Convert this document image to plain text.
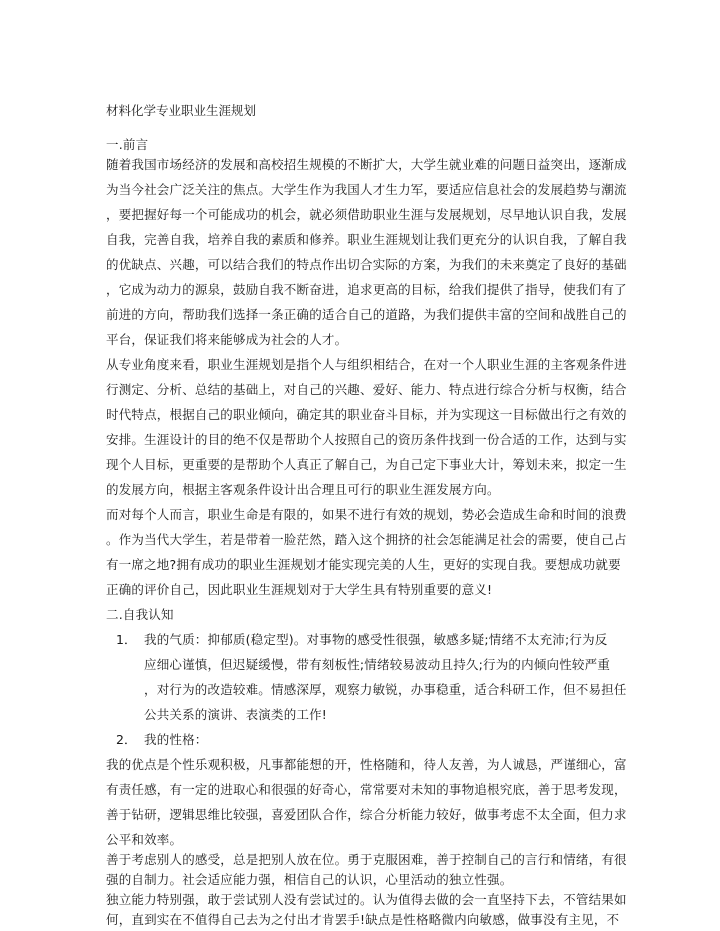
材料化学专业职业生涯规划
一.前言
随着我国市场经济的发展和高校招生规模的不断扩大，大学生就业难的问题日益突出，逐渐成
为当今社会广泛关注的焦点。大学生作为我国人才生力军，要适应信息社会的发展趋势与潮流
，要把握好每一个可能成功的机会，就必须借助职业生涯与发展规划，尽早地认识自我，发展
自我，完善自我，培养自我的素质和修养。职业生涯规划让我们更充分的认识自我，了解自我
的优缺点、兴趣，可以结合我们的特点作出切合实际的方案，为我们的未来奠定了良好的基础
，它成为动力的源泉，鼓励自我不断奋进，追求更高的目标，给我们提供了指导，使我们有了
前进的方向，帮助我们选择一条正确的适合自己的道路，为我们提供丰富的空间和战胜自己的
平台，保证我们将来能够成为社会的人才。
从专业角度来看，职业生涯规划是指个人与组织相结合，在对一个人职业生涯的主客观条件进
行测定、分析、总结的基础上，对自己的兴趣、爱好、能力、特点进行综合分析与权衡，结合
时代特点，根据自己的职业倾向，确定其的职业奋斗目标，并为实现这一目标做出行之有效的
安排。生涯设计的目的绝不仅是帮助个人按照自己的资历条件找到一份合适的工作，达到与实
现个人目标，更重要的是帮助个人真正了解自己，为自己定下事业大计，筹划未来，拟定一生
的发展方向，根据主客观条件设计出合理且可行的职业生涯发展方向。
而对每个人而言，职业生命是有限的，如果不进行有效的规划，势必会造成生命和时间的浪费
。作为当代大学生，若是带着一脸茫然，踏入这个拥挤的社会怎能满足社会的需要，使自己占
有一席之地?拥有成功的职业生涯规划才能实现完美的人生，更好的实现自我。要想成功就要
正确的评价自己，因此职业生涯规划对于大学生具有特别重要的意义!
二.自我认知
1． 我的气质：抑郁质(稳定型)。对事物的感受性很强，敏感多疑;情绪不太充沛;行为反
应细心谨慎，但迟疑缓慢，带有刻板性;情绪较易波动且持久;行为的内倾向性较严重
，对行为的改造较难。情感深厚，观察力敏锐，办事稳重，适合科研工作，但不易担任
公共关系的演讲、表演类的工作!
2． 我的性格：
我的优点是个性乐观积极，凡事都能想的开，性格随和，待人友善，为人诚恳，严谨细心，富
有责任感，有一定的进取心和很强的好奇心，常常要对未知的事物追根究底，善于思考发现，
善于钻研，逻辑思维比较强，喜爱团队合作，综合分析能力较好，做事考虑不太全面，但力求
公平和效率。
善于考虑别人的感受，总是把别人放在位。勇于克服困难，善于控制自己的言行和情绪，有很
强的自制力。社会适应能力强，相信自己的认识，心里活动的独立性强。
独立能力特别强，敢于尝试别人没有尝试过的。认为值得去做的会一直坚持下去，不管结果如
何，直到实在不值得自己去为之付出才肯罢手!缺点是性格略微内向敏感，做事没有主见，不
